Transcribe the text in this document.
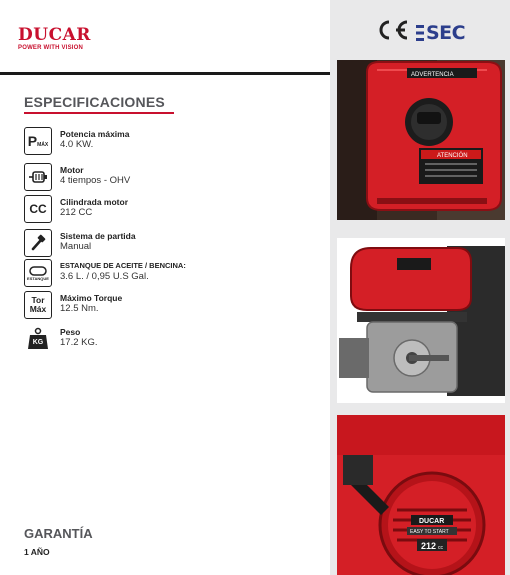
DUCAR
POWER WITH VISION
ESPECIFICACIONES
P MÁX
Potencia máxima
4.0 KW.
Motor
4 tiempos - OHV
CC Cilindrada motor
212 CC
Sistema de partida
Manual
ESTANQUE
ESTANQUE DE ACEITE / BENCINA:
3.6 L. / 0,95 U.S Gal.
Tor
Máx
Máximo Torque
12.5 Nm.
KG
Peso
17.2 KG.
GARANTÍA
1 AÑO
SEC
ADVERTENCIA
ATENCIÓN
DUCAR
EASY TO START
212 cc
